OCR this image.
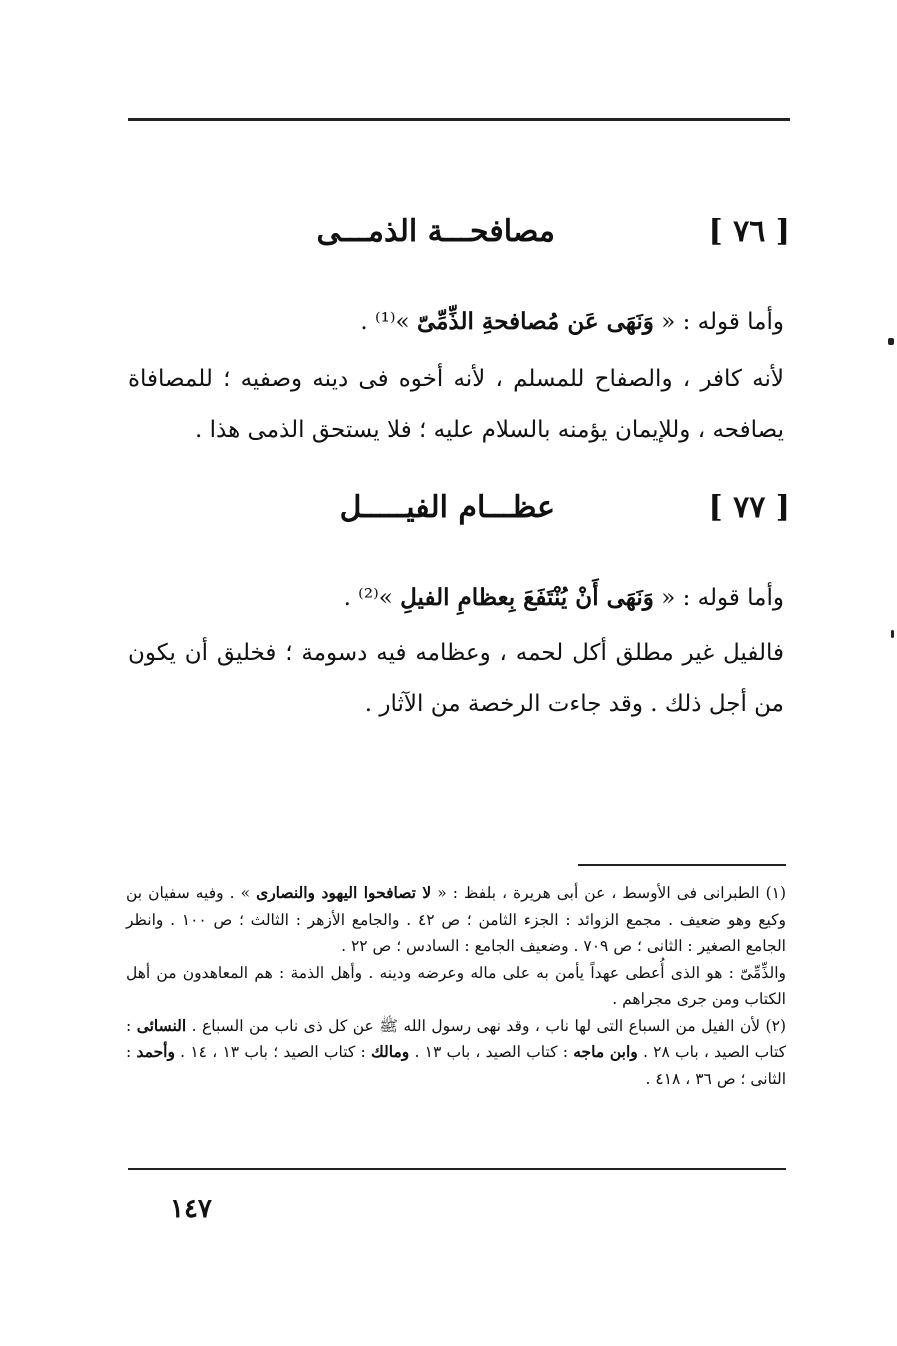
[ ٧٦ ]
مصافحـــة الذمـــى
وأما قوله : « وَنَهَى عَن مُصافحةِ الذِّمِّىّ »⁽¹⁾ .
لأنه كافر ، والصفاح للمسلم ، لأنه أخوه فى دينه وصفيه ؛ للمصافاة يصافحه ، وللإيمان يؤمنه بالسلام عليه ؛ فلا يستحق الذمى هذا .
[ ٧٧ ]
عظـــام الفيـــــل
وأما قوله : « وَنَهَى أَنْ يُنْتَفَعَ بِعظامِ الفيلِ »⁽²⁾ .
فالفيل غير مطلق أكل لحمه ، وعظامه فيه دسومة ؛ فخليق أن يكون من أجل ذلك . وقد جاءت الرخصة من الآثار .

(١) الطبرانى فى الأوسط ، عن أبى هريرة ، بلفظ : « لا تصافحوا اليهود والنصارى » . وفيه سفيان بن وكيع وهو ضعيف . مجمع الزوائد : الجزء الثامن ؛ ص ٤٢ . والجامع الأزهر : الثالث ؛ ص ١٠٠ . وانظر الجامع الصغير : الثانى ؛ ص ٧٠٩ . وضعيف الجامع : السادس ؛ ص ٢٢ .

والذِّمِّىّ : هو الذى أُعطى عهداً يأمن به على ماله وعرضه ودينه . وأهل الذمة : هم المعاهدون من أهل الكتاب ومن جرى مجراهم .

(٢) لأن الفيل من السباع التى لها ناب ، وقد نهى رسول الله ﷺ عن كل ذى ناب من السباع . النسائى : كتاب الصيد ، باب ٢٨ . وابن ماجه : كتاب الصيد ، باب ١٣ . ومالك : كتاب الصيد ؛ باب ١٣ ، ١٤ . وأحمد : الثانى ؛ ص ٣٦ ، ٤١٨ .

١٤٧
